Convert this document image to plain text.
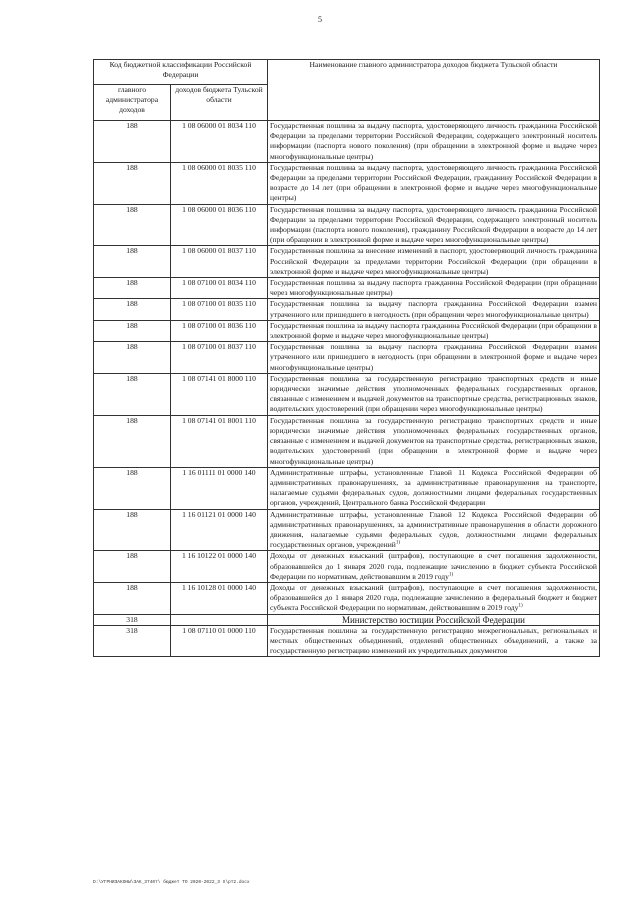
5
Код бюджетной классификации Российской Федерации		Наименование главного администратора доходов бюджета Тульской области
главного администратора доходов	доходов бюджета Тульской области	
188	1 08 06000 01 8034 110	Государственная пошлина за выдачу паспорта, удостоверяющего личность гражданина Российской Федерации за пределами территории Российской Федерации, содержащего электронный носитель информации (паспорта нового поколения) (при обращении в электронной форме и выдаче через многофункциональные центры)
188	1 08 06000 01 8035 110	Государственная пошлина за выдачу паспорта, удостоверяющего личность гражданина Российской Федерации за пределами территории Российской Федерации, гражданину Российской Федерации в возрасте до 14 лет (при обращении в электронной форме и выдаче через многофункциональные центры)
188	1 08 06000 01 8036 110	Государственная пошлина за выдачу паспорта, удостоверяющего личность гражданина Российской Федерации за пределами территории Российской Федерации, содержащего электронный носитель информации (паспорта нового поколения), гражданину Российской Федерации в возрасте до 14 лет (при обращении в электронной форме и выдаче через многофункциональные центры)
188	1 08 06000 01 8037 110	Государственная пошлина за внесение изменений в паспорт, удостоверяющий личность гражданина Российской Федерации за пределами территории Российской Федерации (при обращении в электронной форме и выдаче через многофункциональные центры)
188	1 08 07100 01 8034 110	Государственная пошлина за выдачу паспорта гражданина Российской Федерации (при обращении через многофункциональные центры)
188	1 08 07100 01 8035 110	Государственная пошлина за выдачу паспорта гражданина Российской Федерации взамен утраченного или пришедшего в негодность (при обращении через многофункциональные центры)
188	1 08 07100 01 8036 110	Государственная пошлина за выдачу паспорта гражданина Российской Федерации (при обращении в электронной форме и выдаче через многофункциональные центры)
188	1 08 07100 01 8037 110	Государственная пошлина за выдачу паспорта гражданина Российской Федерации взамен утраченного или пришедшего в негодность (при обращении в электронной форме и выдаче через многофункциональные центры)
188	1 08 07141 01 8000 110	Государственная пошлина за государственную регистрацию транспортных средств и иные юридически значимые действия уполномоченных федеральных государственных органов, связанные с изменением и выдачей документов на транспортные средства, регистрационных знаков, водительских удостоверений (при обращении через многофункциональные центры)
188	1 08 07141 01 8001 110	Государственная пошлина за государственную регистрацию транспортных средств и иные юридически значимые действия уполномоченных федеральных государственных органов, связанные с изменением и выдачей документов на транспортные средства, регистрационных знаков, водительских удостоверений (при обращении в электронной форме и выдаче через многофункциональные центры)
188	1 16 01111 01 0000 140	Административные штрафы, установленные Главой 11 Кодекса Российской Федерации об административных правонарушениях, за административные правонарушения на транспорте, налагаемые судьями федеральных судов, должностными лицами федеральных государственных органов, учреждений, Центрального банка Российской Федерации
188	1 16 01121 01 0000 140	Административные штрафы, установленные Главой 12 Кодекса Российской Федерации об административных правонарушениях, за административные правонарушения в области дорожного движения, налагаемые судьями федеральных судов, должностными лицами федеральных государственных органов, учреждений$^{1)}$
188	1 16 10122 01 0000 140	Доходы от денежных взысканий (штрафов), поступающие в счет погашения задолженности, образовавшейся до 1 января 2020 года, подлежащие зачислению в бюджет субъекта Российской Федерации по нормативам, действовавшим в 2019 году$^{1)}$
188	1 16 10128 01 0000 140	Доходы от денежных взысканий (штрафов), поступающие в счет погашения задолженности, образовавшейся до 1 января 2020 года, подлежащие зачислению в федеральный бюджет и бюджет субъекта Российской Федерации по нормативам, действовавшим в 2019 году$^{1)}$
318		Министерство юстиции Российской Федерации
318	1 08 07110 01 0000 110	Государственная пошлина за государственную регистрацию межрегиональных, региональных и местных общественных объединений, отделений общественных объединений, а также за государственную регистрацию изменений их учредительных документов
D:\УГРНИЗАКОНЫ\ЗАК_3740т\ бюджет ТО 2020-2022_3 п\рт2.docx
